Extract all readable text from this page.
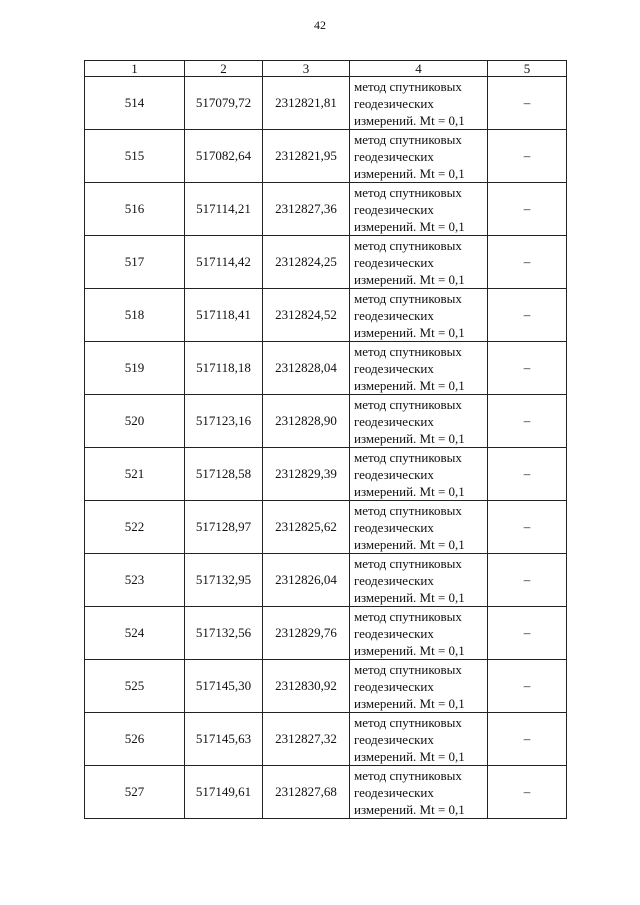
42
1	2	3	4	5
514	517079,72	2312821,81	метод спутниковых
геодезических
измерений. Mt = 0,1	–
515	517082,64	2312821,95	метод спутниковых
геодезических
измерений. Mt = 0,1	–
516	517114,21	2312827,36	метод спутниковых
геодезических
измерений. Mt = 0,1	–
517	517114,42	2312824,25	метод спутниковых
геодезических
измерений. Mt = 0,1	–
518	517118,41	2312824,52	метод спутниковых
геодезических
измерений. Mt = 0,1	–
519	517118,18	2312828,04	метод спутниковых
геодезических
измерений. Mt = 0,1	–
520	517123,16	2312828,90	метод спутниковых
геодезических
измерений. Mt = 0,1	–
521	517128,58	2312829,39	метод спутниковых
геодезических
измерений. Mt = 0,1	–
522	517128,97	2312825,62	метод спутниковых
геодезических
измерений. Mt = 0,1	–
523	517132,95	2312826,04	метод спутниковых
геодезических
измерений. Mt = 0,1	–
524	517132,56	2312829,76	метод спутниковых
геодезических
измерений. Mt = 0,1	–
525	517145,30	2312830,92	метод спутниковых
геодезических
измерений. Mt = 0,1	–
526	517145,63	2312827,32	метод спутниковых
геодезических
измерений. Mt = 0,1	–
527	517149,61	2312827,68	метод спутниковых
геодезических
измерений. Mt = 0,1	–
